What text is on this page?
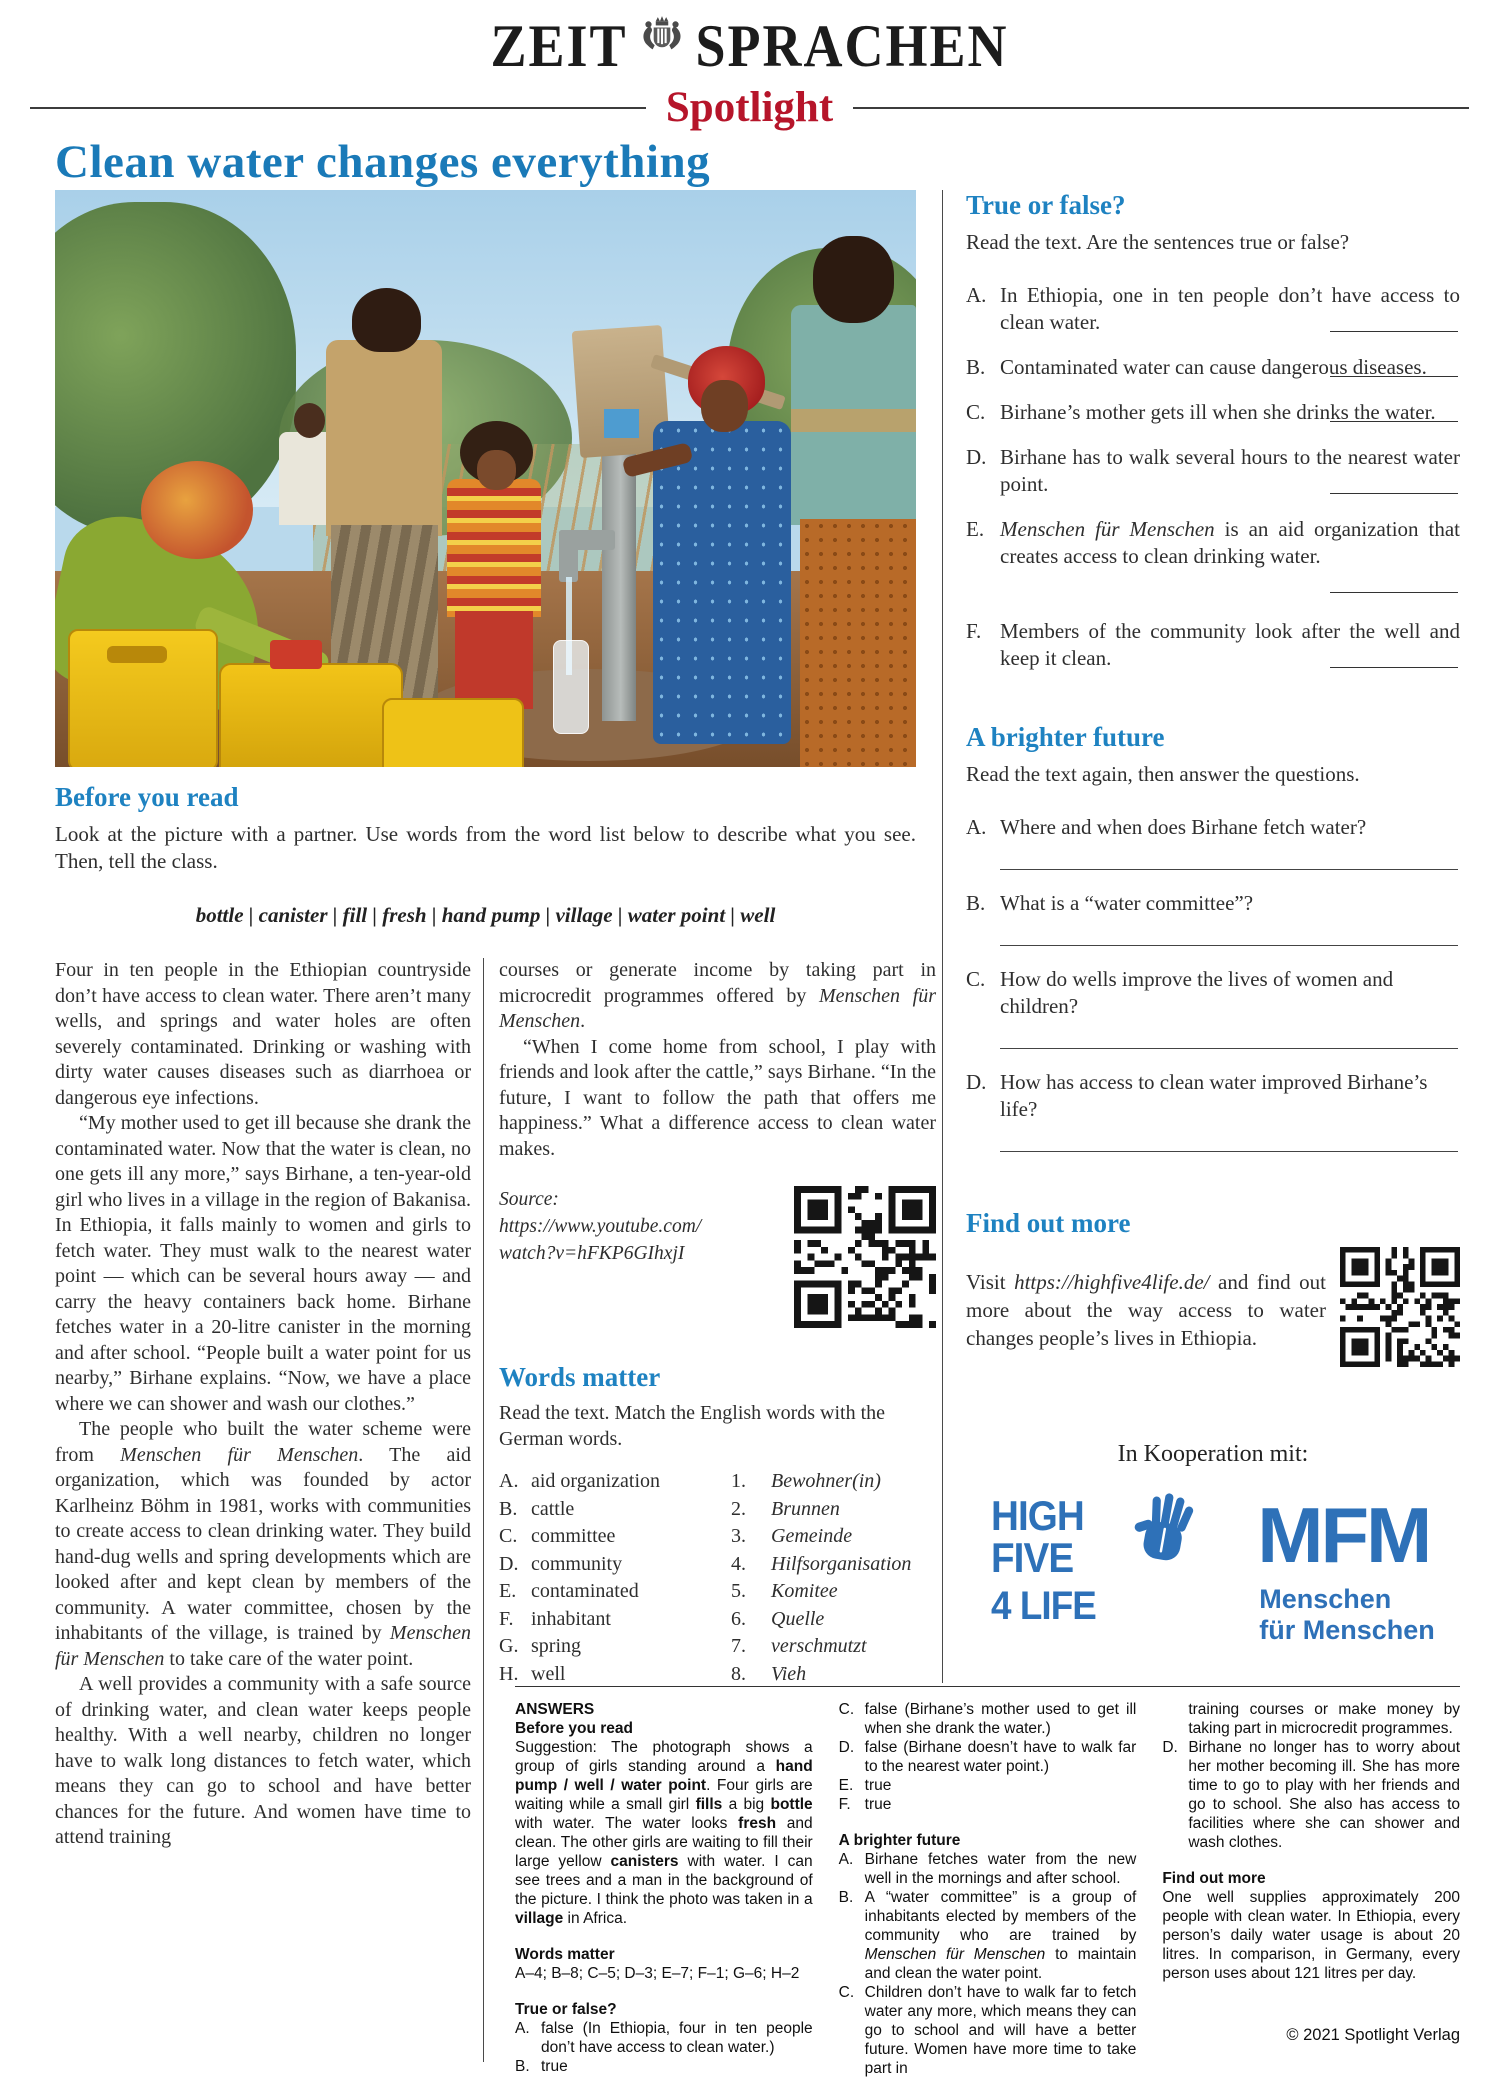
ZEIT SPRACHEN
Spotlight
Clean water changes everything
Before you read

Look at the picture with a partner. Use words from the word list below to describe what you see. Then, tell the class.

bottle | canister | fill | fresh | hand pump | village | water point | well

Four in ten people in the Ethiopian countryside don’t have access to clean water. There aren’t many wells, and springs and water holes are often severely contaminated. Drinking or washing with dirty water causes diseases such as diarrhoea or dangerous eye infections.

“My mother used to get ill because she drank the contaminated water. Now that the water is clean, no one gets ill any more,” says Birhane, a ten-year-old girl who lives in a village in the region of Bakanisa. In Ethiopia, it falls mainly to women and girls to fetch water. They must walk to the nearest water point — which can be several hours away — and carry the heavy containers back home. Birhane fetches water in a 20-litre canister in the morning and after school. “People built a water point for us nearby,” Birhane explains. “Now, we have a place where we can shower and wash our clothes.”

The people who built the water scheme were from Menschen für Menschen. The aid organization, which was founded by actor Karlheinz Böhm in 1981, works with communities to create access to clean drinking water. They build hand-dug wells and spring developments which are looked after and kept clean by members of the community. A water committee, chosen by the inhabitants of the village, is trained by Menschen für Menschen to take care of the water point.

A well provides a community with a safe source of drinking water, and clean water keeps people healthy. With a well nearby, children no longer have to walk long distances to fetch water, which means they can go to school and have better chances for the future. And women have time to attend training

courses or generate income by taking part in microcredit programmes offered by Menschen für Menschen.

“When I come home from school, I play with friends and look after the cattle,” says Birhane. “In the future, I want to follow the path that offers me happiness.” What a difference access to clean water makes.

Source:
https://www.youtube.com/
watch?v=hFKP6GIhxjI
Words matter

Read the text. Match the English words with the German words.

A. aid organization	1.	Bewohner(in)
B. cattle	2.	Brunnen
C. committee	3.	Gemeinde
D. community	4.	Hilfsorganisation
E. contaminated	5.	Komitee
F. inhabitant	6.	Quelle
G. spring	7.	verschmutzt
H. well	8.	Vieh
True or false?

Read the text. Are the sentences true or false?

A. In Ethiopia, one in ten people don’t have access to clean water.
B. Contaminated water can cause dangerous diseases.
C. Birhane’s mother gets ill when she drinks the water.
D. Birhane has to walk several hours to the nearest water point.
E. Menschen für Menschen is an aid organization that creates access to clean drinking water.
F. Members of the community look after the well and keep it clean.
A brighter future

Read the text again, then answer the questions.

A. Where and when does Birhane fetch water?
B. What is a “water committee”?
C. How do wells improve the lives of women and children?
D. How has access to clean water improved Birhane’s life?
Find out more

Visit https://highfive4life.de/ and find out more about the way access to water changes people’s lives in Ethiopia.

In Kooperation mit:
HIGH
FIVE
4 LIFE
MFM
Menschen
für Menschen

ANSWERS

Before you read

Suggestion: The photograph shows a group of girls standing around a hand pump / well / water point. Four girls are waiting while a small girl fills a big bottle with water. The water looks fresh and clean. The other girls are waiting to fill their large yellow canisters with water. I can see trees and a man in the background of the picture. I think the photo was taken in a village in Africa.

Words matter

A–4; B–8; C–5; D–3; E–7; F–1; G–6; H–2

True or false?

A. false (In Ethiopia, four in ten people don’t have access to clean water.)
B. true
C. false (Birhane’s mother used to get ill when she drank the water.)
D. false (Birhane doesn’t have to walk far to the nearest water point.)
E. true
F. true

A brighter future

A. Birhane fetches water from the new well in the mornings and after school.
B. A “water committee” is a group of inhabitants elected by members of the community who are trained by Menschen für Menschen to maintain and clean the water point.
C. Children don’t have to walk far to fetch water any more, which means they can go to school and will have a better future. Women have more time to take part in

training courses or make money by taking part in microcredit programmes.

D. Birhane no longer has to worry about her mother becoming ill. She has more time to go to play with her friends and go to school. She also has access to facilities where she can shower and wash clothes.

Find out more

One well supplies approximately 200 people with clean water. In Ethiopia, every person’s daily water usage is about 20 litres. In comparison, in Germany, every person uses about 121 litres per day.

© 2021 Spotlight Verlag
